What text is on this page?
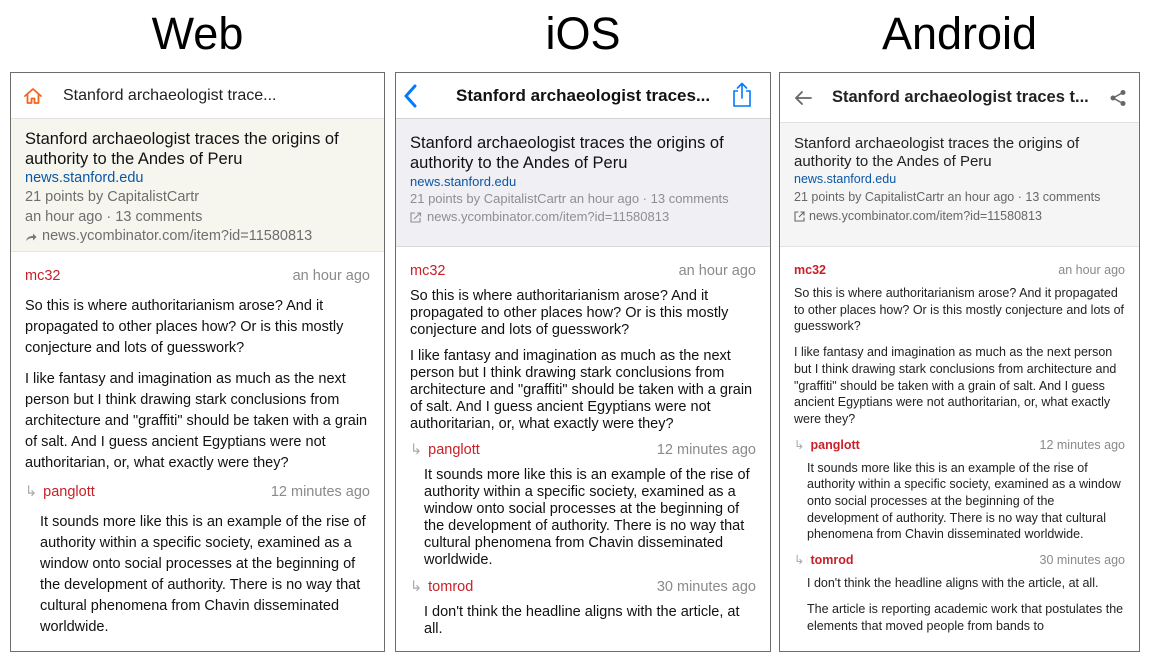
Web	iOS	Android
Stanford archaeologist trace...
Stanford archaeologist traces the origins of authority to the Andes of Peru
news.stanford.edu
21 points by CapitalistCartr
an hour ago · 13 comments
news.ycombinator.com/item?id=11580813
mc32	an hour ago

So this is where authoritarianism arose? And it propagated to other places how? Or is this mostly conjecture and lots of guesswork?

I like fantasy and imagination as much as the next person but I think drawing stark conclusions from architecture and "graffiti" should be taken with a grain of salt. And I guess ancient Egyptians were not authoritarian, or, what exactly were they?

↳ panglott	12 minutes ago

It sounds more like this is an example of the rise of authority within a specific society, examined as a window onto social processes at the beginning of the development of authority. There is no way that cultural phenomena from Chavin disseminated worldwide.

Stanford archaeologist traces...
Stanford archaeologist traces the origins of authority to the Andes of Peru
news.stanford.edu
21 points by CapitalistCartr an hour ago · 13 comments
news.ycombinator.com/item?id=11580813
mc32	an hour ago

So this is where authoritarianism arose? And it propagated to other places how? Or is this mostly conjecture and lots of guesswork?

I like fantasy and imagination as much as the next person but I think drawing stark conclusions from architecture and "graffiti" should be taken with a grain of salt. And I guess ancient Egyptians were not authoritarian, or, what exactly were they?

↳ panglott	12 minutes ago

It sounds more like this is an example of the rise of authority within a specific society, examined as a window onto social processes at the beginning of the development of authority. There is no way that cultural phenomena from Chavin disseminated worldwide.

↳ tomrod	30 minutes ago

I don't think the headline aligns with the article, at all.

Stanford archaeologist traces t...
Stanford archaeologist traces the origins of authority to the Andes of Peru
news.stanford.edu
21 points by CapitalistCartr an hour ago · 13 comments
news.ycombinator.com/item?id=11580813
mc32	an hour ago

So this is where authoritarianism arose? And it propagated to other places how? Or is this mostly conjecture and lots of guesswork?

I like fantasy and imagination as much as the next person but I think drawing stark conclusions from architecture and "graffiti" should be taken with a grain of salt. And I guess ancient Egyptians were not authoritarian, or, what exactly were they?

↳ panglott	12 minutes ago

It sounds more like this is an example of the rise of authority within a specific society, examined as a window onto social processes at the beginning of the development of authority. There is no way that cultural phenomena from Chavin disseminated worldwide.

↳ tomrod	30 minutes ago

I don't think the headline aligns with the article, at all.

The article is reporting academic work that postulates the elements that moved people from bands to
